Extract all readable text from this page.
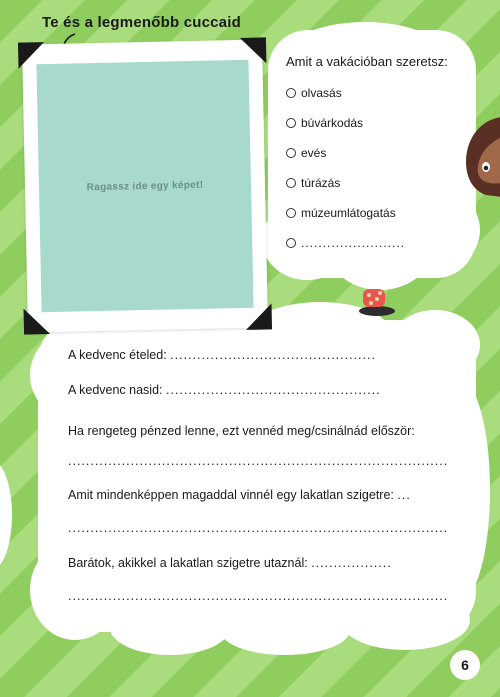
Te és a legmenőbb cuccaid
Ragassz ide egy képet!
Amit a vakációban szeretsz:
olvasás
búvárkodás
evés
túrázás
múzeumlátogatás
........................
A kedvenc ételed: ..............................................
A kedvenc nasid: ................................................
Ha rengeteg pénzed lenne, ezt vennéd meg/csinálnád először:
.....................................................................................
Amit mindenképpen magaddal vinnél egy lakatlan szigetre: ...
.....................................................................................
Barátok, akikkel a lakatlan szigetre utaznál: ..................
.....................................................................................
6
